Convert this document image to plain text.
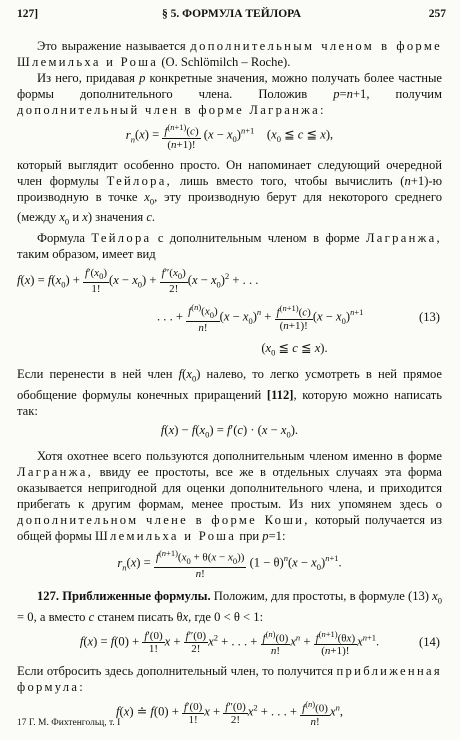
127]	§ 5. ФОРМУЛА ТЕЙЛОРА	257

Это выражение называется дополнительным членом в форме Шлемильха и Роша (O. Schlömilch – Roche).

Из него, придавая p конкретные значения, можно получать более частные формы дополнительного члена. Положив p=n+1, получим дополнительный член в форме Лагранжа:

$r_n(x) = \frac{f^{(n+1)}(c)}{(n+1)!} (x - x_0)^{n+1}$    ($x_0$ ≦ c ≦ x),

который выглядит особенно просто. Он напоминает следующий очередной член формулы Тейлора, лишь вместо того, чтобы вычислить (n+1)-ю производную в точке $x_0$, эту производную берут для некоторого среднего (между $x_0$ и x) значения c.

Формула Тейлора с дополнительным членом в форме Лагранжа, таким образом, имеет вид

$f(x) = f(x_0) + \frac{f'(x_0)}{1!} (x - x_0) + \frac{f''(x_0)}{2!} (x - x_0)^2$ + . . .
. . . + $\frac{f^{(n)}(x_0)}{n!} (x - x_0)^n + \frac{f^{(n+1)}(c)}{(n+1)!} (x - x_0)^{n+1}$	(13)
($x_0$ ≦ c ≦ x).

Если перенести в ней член $f(x_0)$ налево, то легко усмотреть в ней прямое обобщение формулы конечных приращений [112], которую можно написать так:

$f(x) - f(x_0) = f'(c) \cdot (x - x_0)$.

Хотя охотнее всего пользуются дополнительным членом именно в форме Лагранжа, ввиду ее простоты, все же в отдельных случаях эта форма оказывается непригодной для оценки дополнительного члена, и приходится прибегать к другим формам, менее простым. Из них упомянем здесь о дополнительном члене в форме Коши, который получается из общей формы Шлемильха и Роша при p=1:

$r_n(x) = \frac{f^{(n+1)}(x_0 + \theta(x - x_0))}{n!} (1 - \theta)^n(x - x_0)^{n+1}$.

127. Приближенные формулы. Положим, для простоты, в формуле (13) $x_0 = 0$, а вместо c станем писать θx, где 0 < θ < 1:

$f(x) = f(0) + \frac{f'(0)}{1!}$ $x + \frac{f''(0)}{2!} x^2$ + . . . + $\frac{f^{(n)}(0)}{n!} x^n + \frac{f^{(n+1)}(\theta x)}{(n+1)!} x^{n+1}$.	(14)

Если отбросить здесь дополнительный член, то получится приближенная формула:

f(x) ≐ $f(0) + \frac{f'(0)}{1!}$ $x + \frac{f''(0)}{2!} x^2$ + . . . + $\frac{f^{(n)}(0)}{n!} x^n$,
17 Г. М. Фихтенгольц, т. I
